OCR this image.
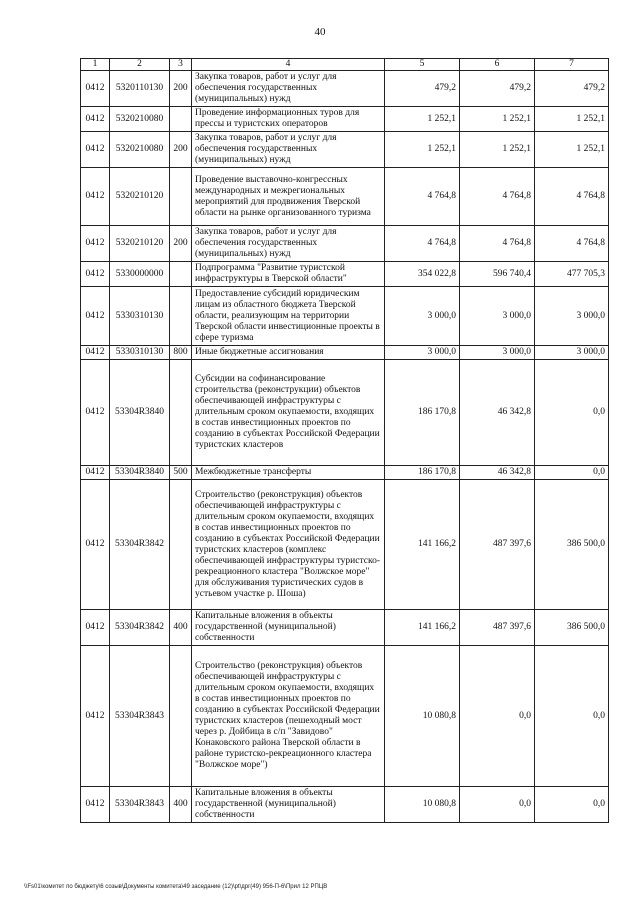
40
1	2	3	4	5	6	7
0412	5320110130	200	Закупка товаров, работ и услуг для обеспечения государственных (муниципальных) нужд	479,2	479,2	479,2
0412	5320210080		Проведение информационных туров для прессы и туристских операторов	1 252,1	1 252,1	1 252,1
0412	5320210080	200	Закупка товаров, работ и услуг для обеспечения государственных (муниципальных) нужд	1 252,1	1 252,1	1 252,1
0412	5320210120		Проведение выставочно-конгрессных международных и межрегиональных мероприятий для продвижения Тверской области на рынке организованного туризма	4 764,8	4 764,8	4 764,8
0412	5320210120	200	Закупка товаров, работ и услуг для обеспечения государственных (муниципальных) нужд	4 764,8	4 764,8	4 764,8
0412	5330000000		Подпрограмма "Развитие туристской инфраструктуры в Тверской области"	354 022,8	596 740,4	477 705,3
0412	5330310130		Предоставление субсидий юридическим лицам из областного бюджета Тверской области, реализующим на территории Тверской области инвестиционные проекты в сфере туризма	3 000,0	3 000,0	3 000,0
0412	5330310130	800	Иные бюджетные ассигнования	3 000,0	3 000,0	3 000,0
0412	53304R3840		Субсидии на софинансирование строительства (реконструкции) объектов обеспечивающей инфраструктуры с длительным сроком окупаемости, входящих в состав инвестиционных проектов по созданию в субъектах Российской Федерации туристских кластеров	186 170,8	46 342,8	0,0
0412	53304R3840	500	Межбюджетные трансферты	186 170,8	46 342,8	0,0
0412	53304R3842		Строительство (реконструкция) объектов обеспечивающей инфраструктуры с длительным сроком окупаемости, входящих в состав инвестиционных проектов по созданию в субъектах Российской Федерации туристских кластеров (комплекс обеспечивающей инфраструктуры туристско-рекреационного кластера "Волжское море" для обслуживания туристических судов в устьевом участке р. Шоша)	141 166,2	487 397,6	386 500,0
0412	53304R3842	400	Капитальные вложения в объекты государственной (муниципальной) собственности	141 166,2	487 397,6	386 500,0
0412	53304R3843		Строительство (реконструкция) объектов обеспечивающей инфраструктуры с длительным сроком окупаемости, входящих в состав инвестиционных проектов по созданию в субъектах Российской Федерации туристских кластеров (пешеходный мост через р. Дойбица в с/п "Завидово" Конаковского района Тверской области в районе туристско-рекреационного кластера "Волжское море")	10 080,8	0,0	0,0
0412	53304R3843	400	Капитальные вложения в объекты государственной (муниципальной) собственности	10 080,8	0,0	0,0
\\Fs01\комитет по бюджету\6 созыв\Документы комитета\49 заседание (12)\pt\дрг(49) 956-П-6\Прил 12 РПЦВ
